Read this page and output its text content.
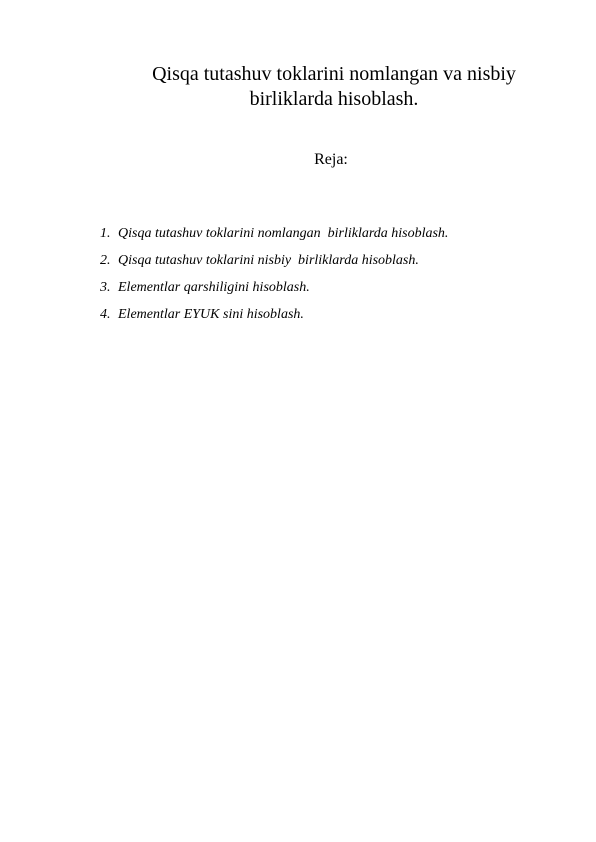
Qisqa tutashuv toklarini nomlangan va nisbiy
birliklarda hisoblash.

Reja:

1. Qisqa tutashuv toklarini nomlangan  birliklarda hisoblash.
2. Qisqa tutashuv toklarini nisbiy  birliklarda hisoblash.
3. Elementlar qarshiligini hisoblash.
4. Elementlar EYUK sini hisoblash.
